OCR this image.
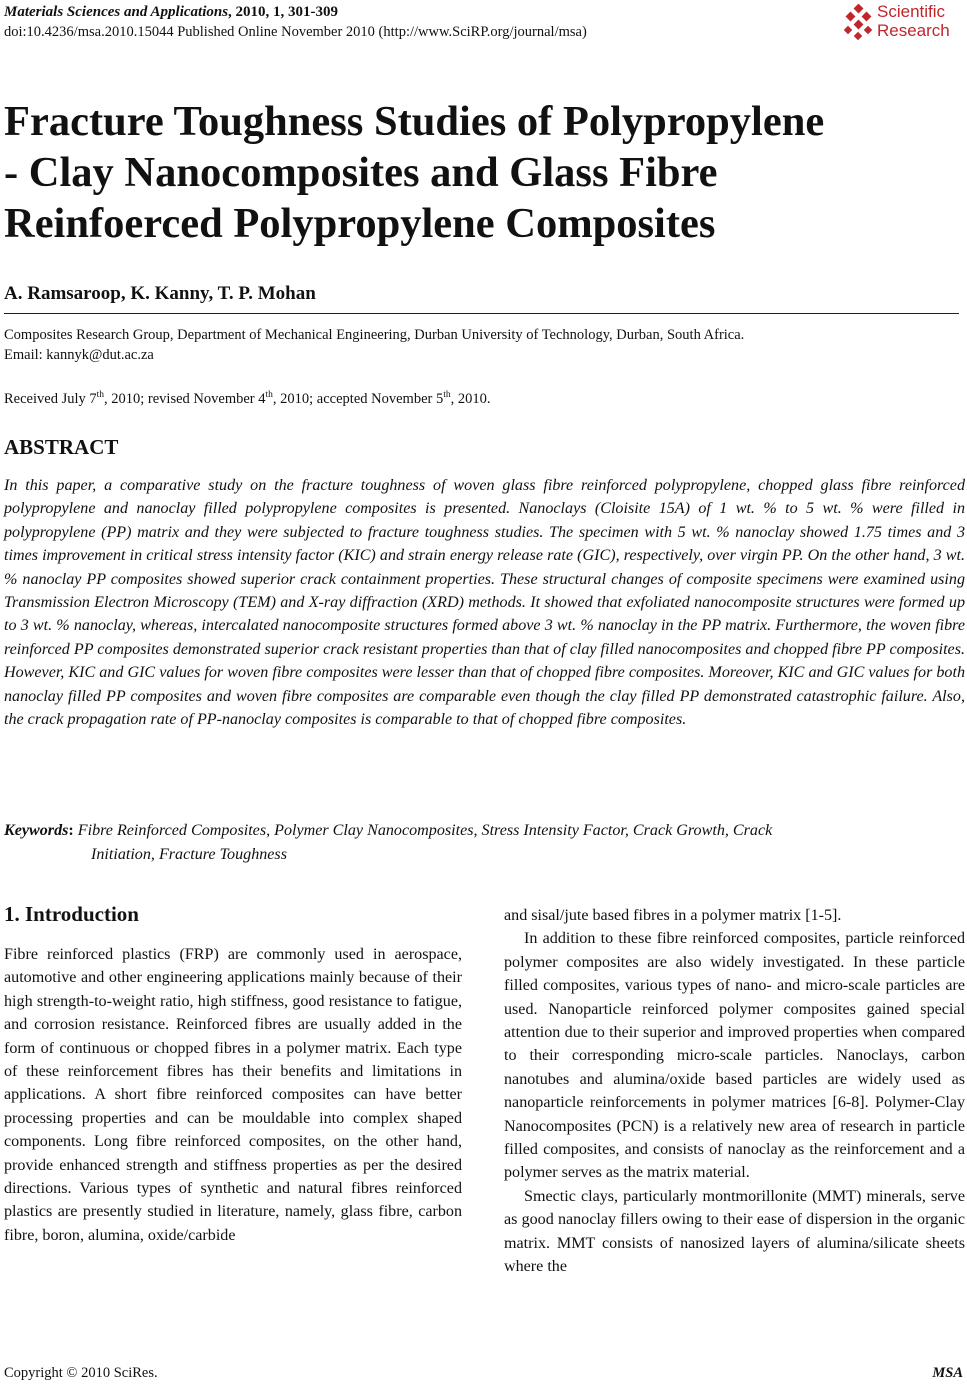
Materials Sciences and Applications, 2010, 1, 301-309
doi:10.4236/msa.2010.15044 Published Online November 2010 (http://www.SciRP.org/journal/msa)
Scientific
Research
Fracture Toughness Studies of Polypropylene
- Clay Nanocomposites and Glass Fibre
Reinfoerced Polypropylene Composites
A. Ramsaroop, K. Kanny, T. P. Mohan
Composites Research Group, Department of Mechanical Engineering, Durban University of Technology, Durban, South Africa.
Email: kannyk@dut.ac.za
Received July 7th, 2010; revised November 4th, 2010; accepted November 5th, 2010.
ABSTRACT

In this paper, a comparative study on the fracture toughness of woven glass fibre reinforced polypropylene, chopped glass fibre reinforced polypropylene and nanoclay filled polypropylene composites is presented. Nanoclays (Cloisite 15A) of 1 wt. % to 5 wt. % were filled in polypropylene (PP) matrix and they were subjected to fracture toughness studies. The specimen with 5 wt. % nanoclay showed 1.75 times and 3 times improvement in critical stress intensity factor (KIC) and strain energy release rate (GIC), respectively, over virgin PP. On the other hand, 3 wt. % nanoclay PP composites showed superior crack containment properties. These structural changes of composite specimens were examined using Transmission Electron Microscopy (TEM) and X-ray diffraction (XRD) methods. It showed that exfoliated nanocomposite structures were formed up to 3 wt. % nanoclay, whereas, intercalated nanocomposite structures formed above 3 wt. % nanoclay in the PP matrix. Furthermore, the woven fibre reinforced PP composites demonstrated superior crack resistant properties than that of clay filled nanocomposites and chopped fibre PP composites. However, KIC and GIC values for woven fibre composites were lesser than that of chopped fibre composites. Moreover, KIC and GIC values for both nanoclay filled PP composites and woven fibre composites are comparable even though the clay filled PP demonstrated catastrophic failure. Also, the crack propagation rate of PP-nanoclay composites is comparable to that of chopped fibre composites.

Keywords: Fibre Reinforced Composites, Polymer Clay Nanocomposites, Stress Intensity Factor, Crack Growth, Crack
Initiation, Fracture Toughness

1. Introduction

Fibre reinforced plastics (FRP) are commonly used in aerospace, automotive and other engineering applications mainly because of their high strength-to-weight ratio, high stiffness, good resistance to fatigue, and corrosion resistance. Reinforced fibres are usually added in the form of continuous or chopped fibres in a polymer matrix. Each type of these reinforcement fibres has their benefits and limitations in applications. A short fibre reinforced composites can have better processing properties and can be mouldable into complex shaped components. Long fibre reinforced composites, on the other hand, provide enhanced strength and stiffness properties as per the desired directions. Various types of synthetic and natural fibres reinforced plastics are presently studied in literature, namely, glass fibre, carbon fibre, boron, alumina, oxide/carbide

and sisal/jute based fibres in a polymer matrix [1-5].

In addition to these fibre reinforced composites, particle reinforced polymer composites are also widely investigated. In these particle filled composites, various types of nano- and micro-scale particles are used. Nanoparticle reinforced polymer composites gained special attention due to their superior and improved properties when compared to their corresponding micro-scale particles. Nanoclays, carbon nanotubes and alumina/oxide based particles are widely used as nanoparticle reinforcements in polymer matrices [6-8]. Polymer-Clay Nanocomposites (PCN) is a relatively new area of research in particle filled composites, and consists of nanoclay as the reinforcement and a polymer serves as the matrix material.

Smectic clays, particularly montmorillonite (MMT) minerals, serve as good nanoclay fillers owing to their ease of dispersion in the organic matrix. MMT consists of nanosized layers of alumina/silicate sheets where the

Copyright © 2010 SciRes.	MSA
